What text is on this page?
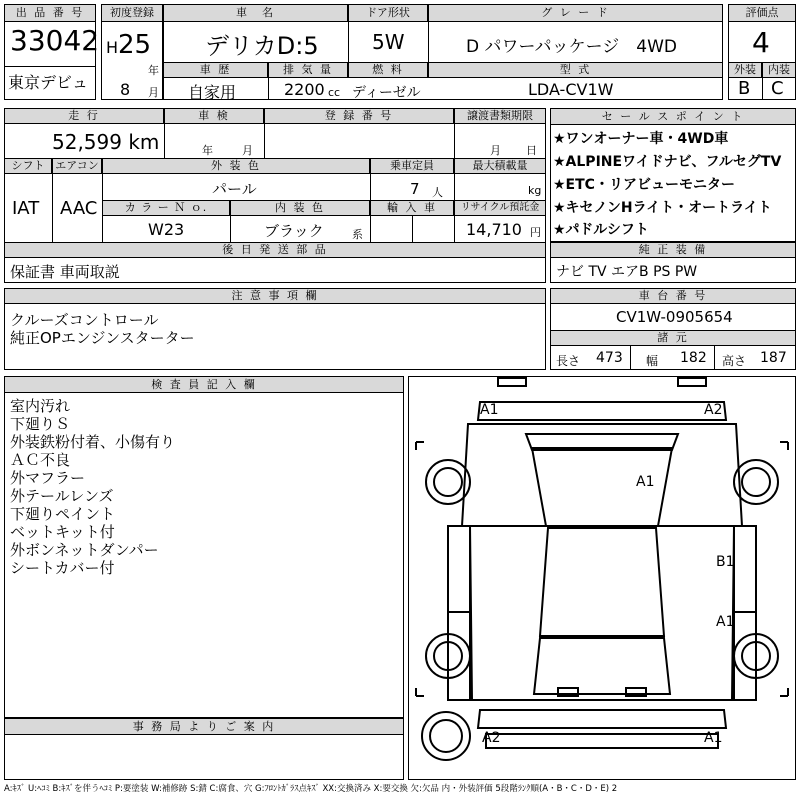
出 品 番 号
33042
東京デビュ
初度登録
H 25
年
8 月
車　名
デリカD:5
ドア形状
5W
グ レ ー ド
D パワーパッケージ　4WD
評価点
4
外装	内装
B C
車 歴
自家用
排 気 量
2200 cc
燃 料
ディーゼル
型 式
LDA-CV1W
走 行
52,599 km
車 検
年	月
登 録 番 号	譲渡書類期限
月 日
シフト
IAT
エアコン
AAC
外 装 色
パール
乗車定員
7 人
最大積載量
kg
カ ラ ー Ｎ ｏ.
W23
内 装 色
ブラック	系
輸 入 車	リサイクル預託金
14,710 円
後 日 発 送 部 品
保証書 車両取説
セ ー ル ス ポ イ ン ト
★ワンオーナー車・4WD車
★ALPINEワイドナビ、フルセグTV
★ETC・リアビューモニター
★キセノンHライト・オートライト
★パドルシフト
純 正 装 備
ナビ TV エアB PS PW
注 意 事 項 欄
クルーズコントロール
純正OPエンジンスターター
車 台 番 号
CV1W-0905654
諸 元
長さ 473 幅 182 高さ 187
検 査 員 記 入 欄
室内汚れ
下廻りＳ
外装鉄粉付着、小傷有り
ＡＣ不良
外マフラー
外テールレンズ
下廻りペイント
ベットキット付
外ボンネットダンパー
シートカバー付
事 務 局 よ り ご 案 内
A1	A2
A1
B1
A1
A2	A1
A:ｷｽﾞ U:ﾍｺﾐ B:ｷｽﾞを伴うﾍｺﾐ P:要塗装 W:補修跡 S:錆 C:腐食、穴 G:ﾌﾛﾝﾄｶﾞﾗｽ点ｷｽﾞ XX:交換済み X:要交換 欠:欠品 内・外装評価 5段階ﾗﾝｸ順(A・B・C・D・E) 2
